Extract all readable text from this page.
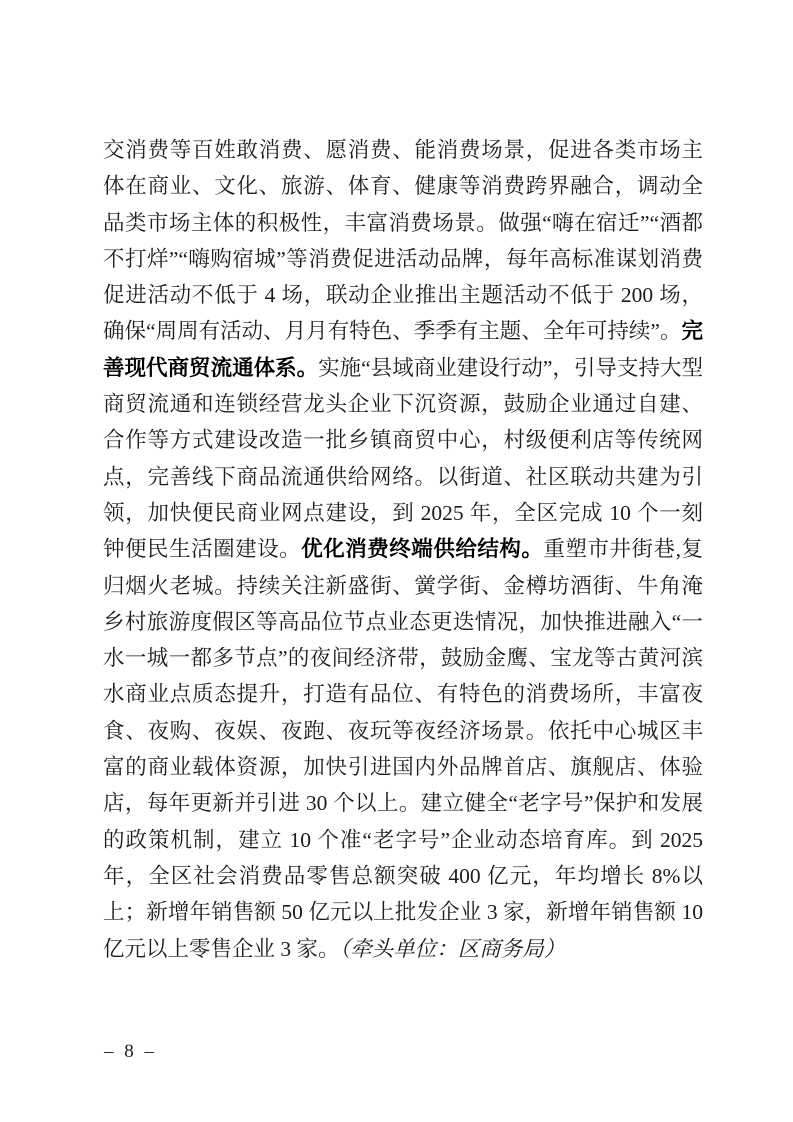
交消费等百姓敢消费、愿消费、能消费场景，促进各类市场主体在商业、文化、旅游、体育、健康等消费跨界融合，调动全品类市场主体的积极性，丰富消费场景。做强“嗨在宿迁”“酒都不打烊”“嗨购宿城”等消费促进活动品牌，每年高标准谋划消费促进活动不低于 4 场，联动企业推出主题活动不低于 200 场，确保“周周有活动、月月有特色、季季有主题、全年可持续”。完善现代商贸流通体系。实施“县域商业建设行动”，引导支持大型商贸流通和连锁经营龙头企业下沉资源，鼓励企业通过自建、合作等方式建设改造一批乡镇商贸中心，村级便利店等传统网点，完善线下商品流通供给网络。以街道、社区联动共建为引领，加快便民商业网点建设，到 2025 年，全区完成 10 个一刻钟便民生活圈建设。优化消费终端供给结构。重塑市井街巷,复归烟火老城。持续关注新盛街、黉学街、金樽坊酒街、牛角淹乡村旅游度假区等高品位节点业态更迭情况，加快推进融入“一水一城一都多节点”的夜间经济带，鼓励金鹰、宝龙等古黄河滨水商业点质态提升，打造有品位、有特色的消费场所，丰富夜食、夜购、夜娱、夜跑、夜玩等夜经济场景。依托中心城区丰富的商业载体资源，加快引进国内外品牌首店、旗舰店、体验店，每年更新并引进 30 个以上。建立健全“老字号”保护和发展的政策机制，建立 10 个准“老字号”企业动态培育库。到 2025 年，全区社会消费品零售总额突破 400 亿元，年均增长 8%以上；新增年销售额 50 亿元以上批发企业 3 家，新增年销售额 10 亿元以上零售企业 3 家。（牵头单位：区商务局）

– 8 –
